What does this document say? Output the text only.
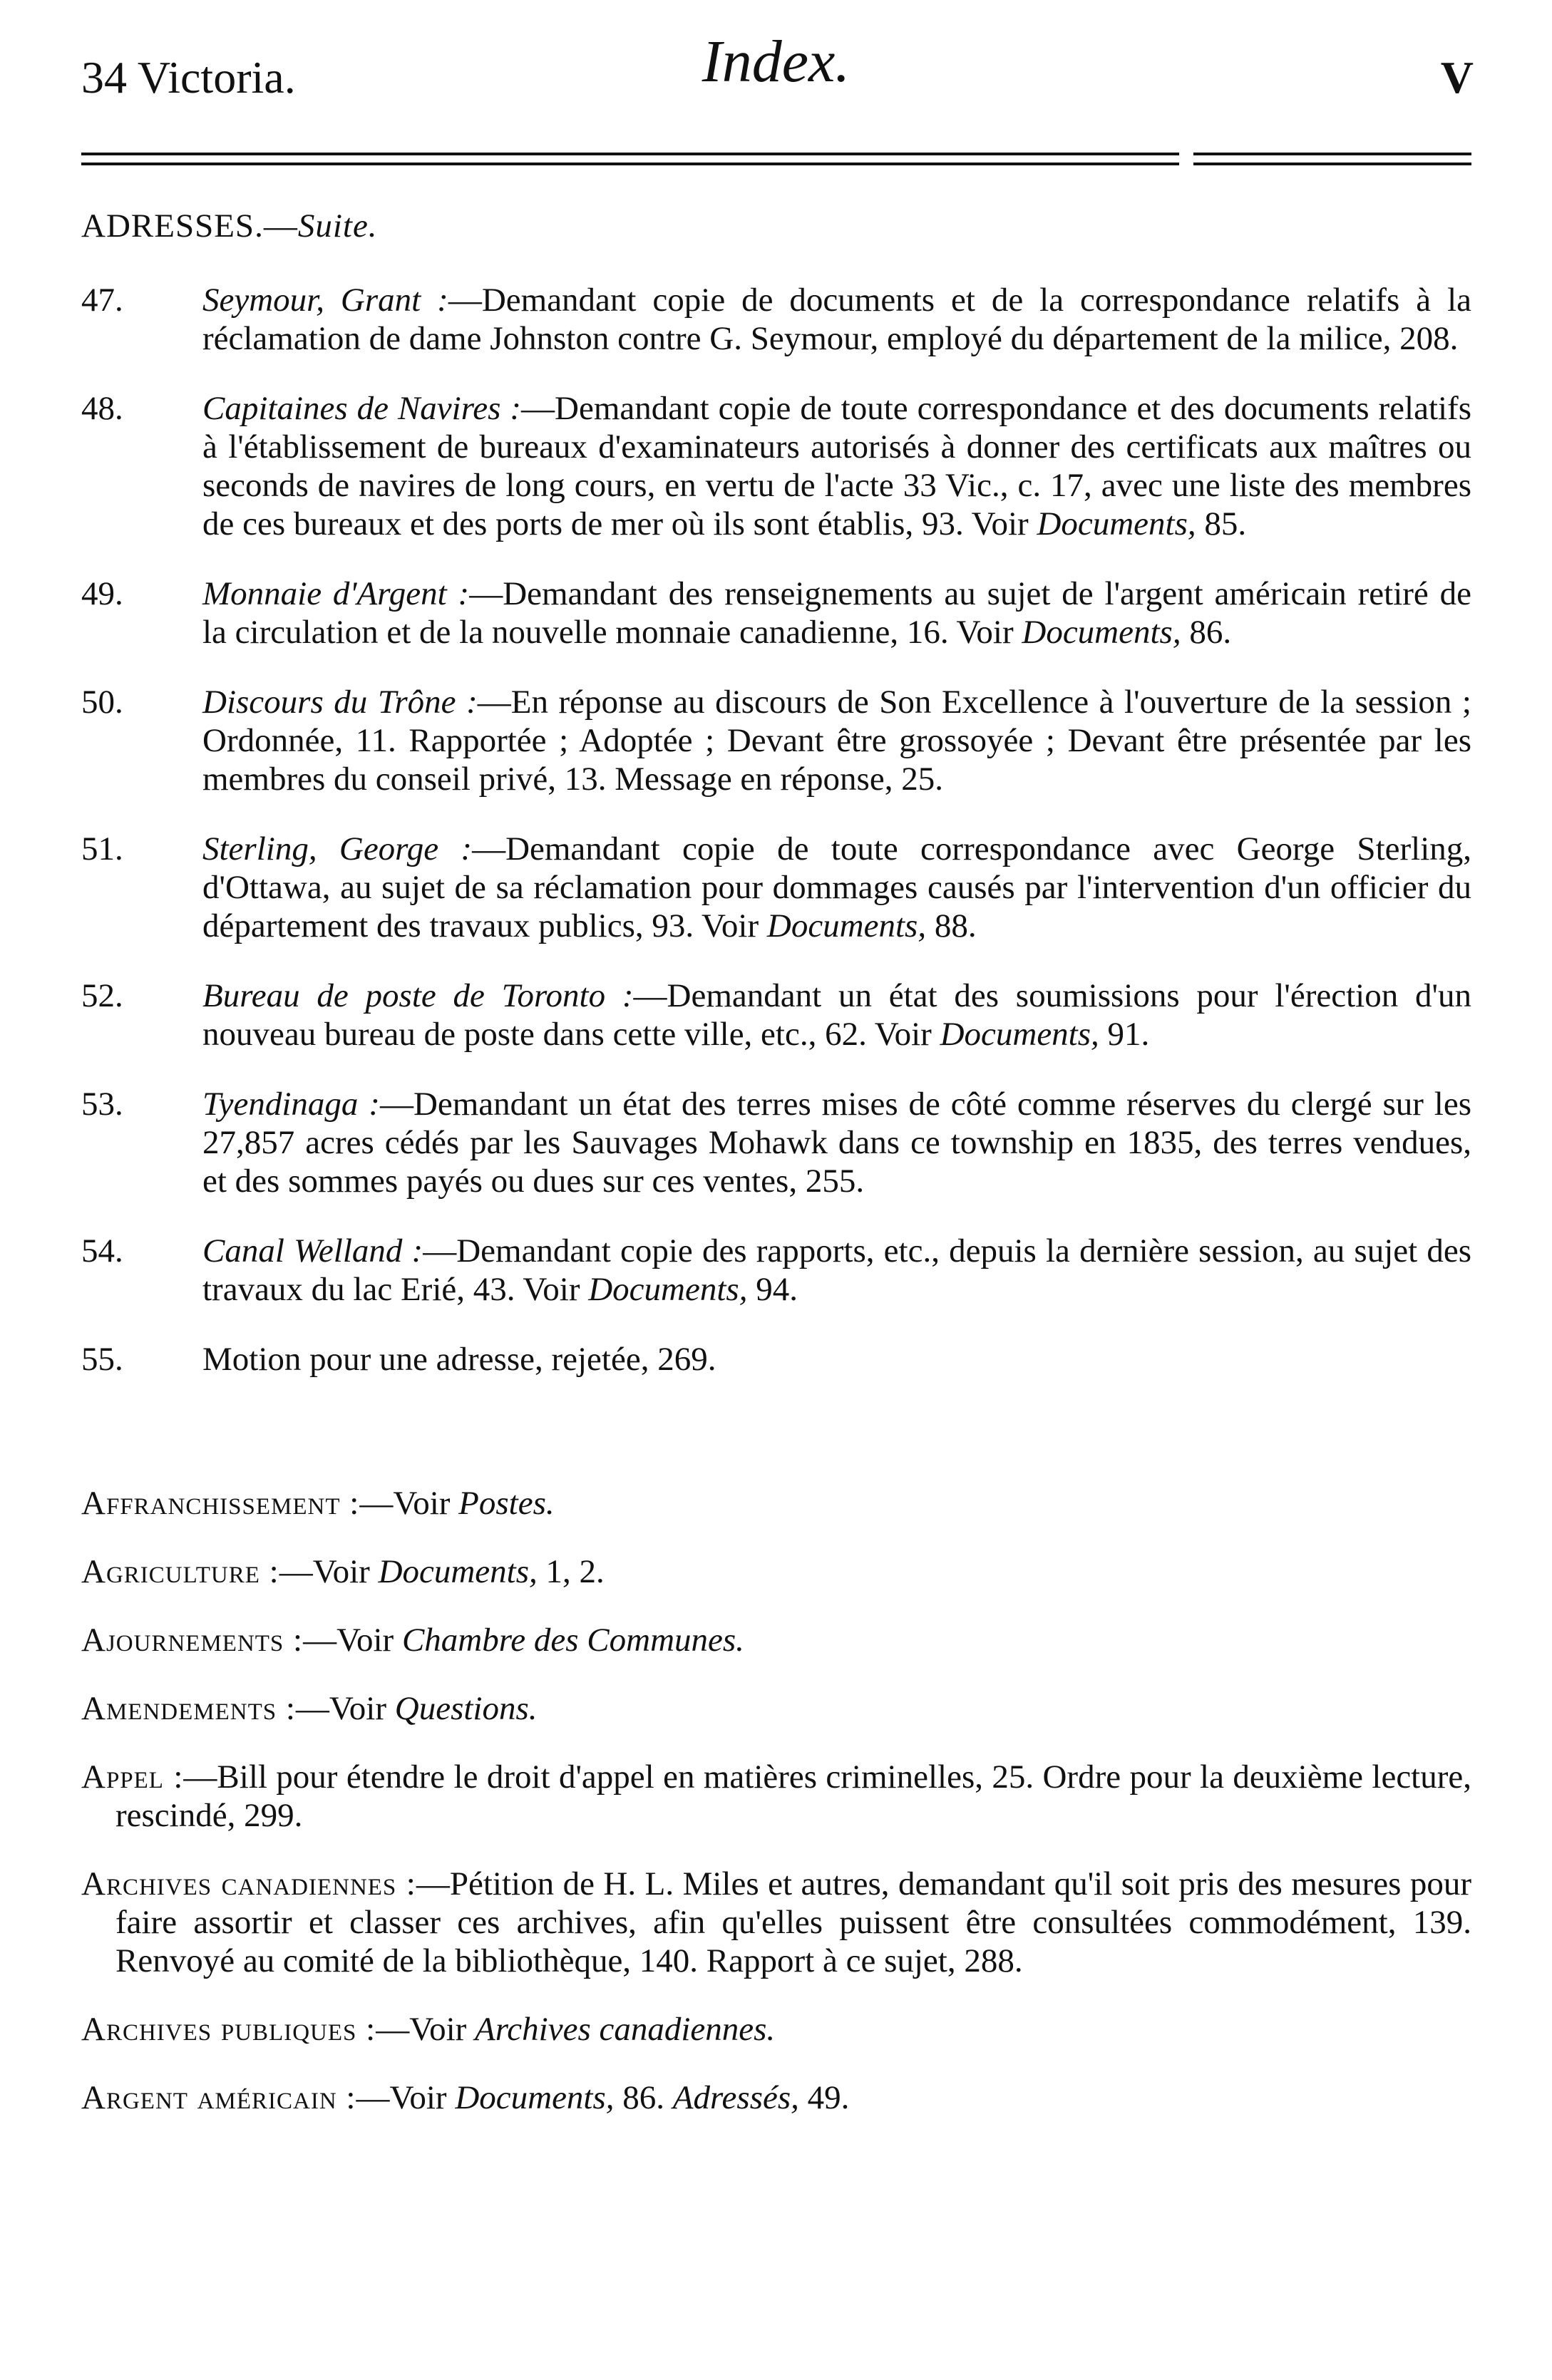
34 Victoria.	Index.	V
ADRESSES.—Suite.
47.	Seymour, Grant :—Demandant copie de documents et de la correspondance relatifs à la réclamation de dame Johnston contre G. Seymour, employé du département de la milice, 208.
48.	Capitaines de Navires :—Demandant copie de toute correspondance et des documents relatifs à l'établissement de bureaux d'examinateurs autorisés à donner des certificats aux maîtres ou seconds de navires de long cours, en vertu de l'acte 33 Vic., c. 17, avec une liste des membres de ces bureaux et des ports de mer où ils sont établis, 93. Voir Documents, 85.
49.	Monnaie d'Argent :—Demandant des renseignements au sujet de l'argent américain retiré de la circulation et de la nouvelle monnaie canadienne, 16. Voir Documents, 86.
50.	Discours du Trône :—En réponse au discours de Son Excellence à l'ouverture de la session ; Ordonnée, 11. Rapportée ; Adoptée ; Devant être grossoyée ; Devant être présentée par les membres du conseil privé, 13. Message en réponse, 25.
51.	Sterling, George :—Demandant copie de toute correspondance avec George Sterling, d'Ottawa, au sujet de sa réclamation pour dommages causés par l'intervention d'un officier du département des travaux publics, 93. Voir Documents, 88.
52.	Bureau de poste de Toronto :—Demandant un état des soumissions pour l'érection d'un nouveau bureau de poste dans cette ville, etc., 62. Voir Documents, 91.
53.	Tyendinaga :—Demandant un état des terres mises de côté comme réserves du clergé sur les 27,857 acres cédés par les Sauvages Mohawk dans ce township en 1835, des terres vendues, et des sommes payés ou dues sur ces ventes, 255.
54.	Canal Welland :—Demandant copie des rapports, etc., depuis la dernière session, au sujet des travaux du lac Erié, 43. Voir Documents, 94.
55.	Motion pour une adresse, rejetée, 269.
Affranchissement :—Voir Postes.
Agriculture :—Voir Documents, 1, 2.
Ajournements :—Voir Chambre des Communes.
Amendements :—Voir Questions.
Appel :—Bill pour étendre le droit d'appel en matières criminelles, 25. Ordre pour la deuxième lecture, rescindé, 299.
Archives canadiennes :—Pétition de H. L. Miles et autres, demandant qu'il soit pris des mesures pour faire assortir et classer ces archives, afin qu'elles puissent être consultées commodément, 139. Renvoyé au comité de la bibliothèque, 140. Rapport à ce sujet, 288.
Archives publiques :—Voir Archives canadiennes.
Argent américain :—Voir Documents, 86. Adressés, 49.
